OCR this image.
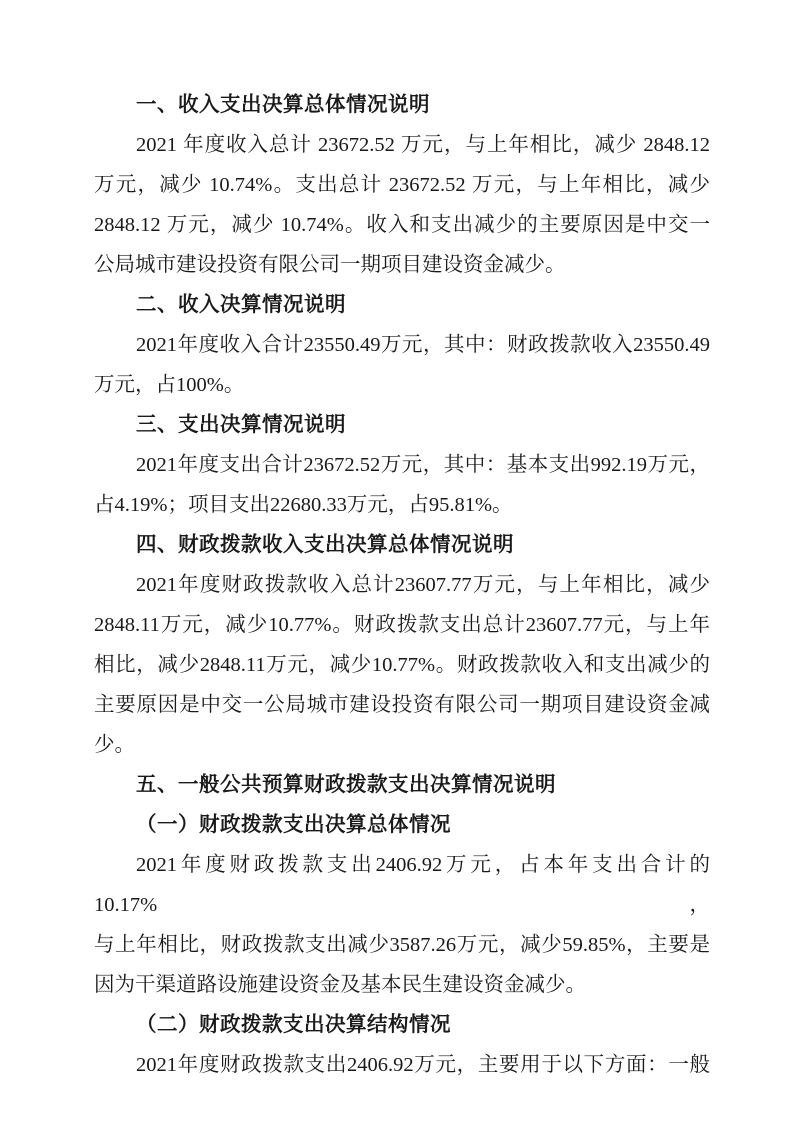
一、收入支出决算总体情况说明
2021 年度收入总计 23672.52 万元，与上年相比，减少 2848.12
万元，减少 10.74%。支出总计 23672.52 万元，与上年相比，减少
2848.12 万元，减少 10.74%。收入和支出减少的主要原因是中交一
公局城市建设投资有限公司一期项目建设资金减少。
二、收入决算情况说明
2021年度收入合计23550.49万元，其中：财政拨款收入23550.49
万元，占100%。
三、支出决算情况说明
2021年度支出合计23672.52万元，其中：基本支出992.19万元，
占4.19%；项目支出22680.33万元，占95.81%。
四、财政拨款收入支出决算总体情况说明
2021年度财政拨款收入总计23607.77万元，与上年相比，减少
2848.11万元，减少10.77%。财政拨款支出总计23607.77元，与上年
相比，减少2848.11万元，减少10.77%。财政拨款收入和支出减少的
主要原因是中交一公局城市建设投资有限公司一期项目建设资金减
少。
五、一般公共预算财政拨款支出决算情况说明
（一）财政拨款支出决算总体情况
2021年度财政拨款支出2406.92万元，占本年支出合计的10.17%，
与上年相比，财政拨款支出减少3587.26万元，减少59.85%，主要是
因为干渠道路设施建设资金及基本民生建设资金减少。
（二）财政拨款支出决算结构情况
2021年度财政拨款支出2406.92万元，主要用于以下方面：一般
